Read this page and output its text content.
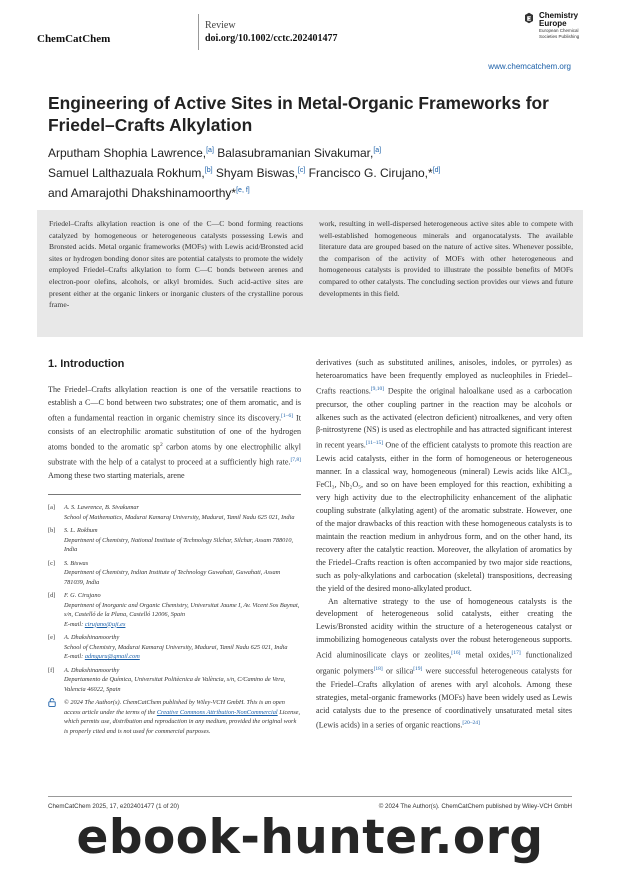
ChemCatChem
Review
doi.org/10.1002/cctc.202401477
Chemistry
Europe
European Chemical
Societies Publishing
www.chemcatchem.org
Engineering of Active Sites in Metal-Organic Frameworks for Friedel–Crafts Alkylation
Arputham Shophia Lawrence,[a] Balasubramanian Sivakumar,[a]
Samuel Lalthazuala Rokhum,[b] Shyam Biswas,[c] Francisco G. Cirujano,*[d]
and Amarajothi Dhakshinamoorthy*[e, f]
Friedel–Crafts alkylation reaction is one of the C—C bond forming reactions catalyzed by homogeneous or heterogeneous catalysts possessing Lewis and Bronsted acids. Metal organic frameworks (MOFs) with Lewis acid/Bronsted acid sites or hydrogen bonding donor sites are potential catalysts to promote the widely employed Friedel–Crafts alkylation to form C—C bonds between arenes and electron-poor olefins, alcohols, or alkyl bromides. Such acid-active sites are present either at the organic linkers or inorganic clusters of the crystalline porous frame-
work, resulting in well-dispersed heterogeneous active sites able to compete with well-established homogeneous minerals and organocatalysts. The available literature data are grouped based on the nature of active sites. Whenever possible, the comparison of the activity of MOFs with other heterogeneous and homogeneous catalysts is provided to illustrate the possible benefits of MOFs compared to other catalysts. The concluding section provides our views and future developments in this field.
1. Introduction

The Friedel–Crafts alkylation reaction is one of the versatile reactions to establish a C—C bond between two substrates; one of them aromatic, and is often a fundamental reaction in organic chemistry since its discovery.[1–6] It consists of an electrophilic aromatic substitution of one of the hydrogen atoms bonded to the aromatic $sp^2$ carbon atoms by one electrophilic alkyl substrate with the help of a catalyst to proceed at a sufficiently high rate.[7,8] Among these two starting materials, arene

derivatives (such as substituted anilines, anisoles, indoles, or pyrroles) as heteroaromatics have been frequently employed as nucleophiles in Friedel–Crafts reactions.[9,10] Despite the original haloalkane used as a carbocation precursor, the other coupling partner in the reaction may be alcohols or alkenes such as the activated (electron deficient) nitroalkenes, and very often β-nitrostyrene (NS) is used as electrophile and has attracted significant interest in recent years.[11–15] One of the efficient catalysts to promote this reaction are Lewis acid catalysts, either in the form of homogeneous or heterogeneous manner. In a classical way, homogeneous (mineral) Lewis acids like AlCl₃, FeCl₃, Nb₂O₅, and so on have been employed for this reaction, exhibiting a very high activity due to the electrophilicity enhancement of the aliphatic coupling substrate (alkylating agent) of the aromatic substrate. However, one of the major drawbacks of this reaction with these homogeneous catalysts is to maintain the reaction medium in anhydrous form, and on the other hand, its recovery after the catalytic reaction. Moreover, the alkylation of aromatics by the Friedel–Crafts reaction is often accompanied by two major side reactions, such as poly-alkylations and carbocation (skeletal) transpositions, decreasing the yield of the desired mono-alkylated product.

An alternative strategy to the use of homogeneous catalysts is the development of heterogeneous solid catalysts, either creating the Lewis/Bronsted acidity within the structure of a heterogeneous catalyst or immobilizing homogeneous catalysts over the robust heterogeneous supports. Acid aluminosilicate clays or zeolites,[16] metal oxides,[17] functionalized organic polymers[18] or silica[19] were successful heterogeneous catalysts for the Friedel–Crafts alkylation of arenes with aryl alcohols. Among these strategies, metal-organic frameworks (MOFs) have been widely used as Lewis acid catalysts due to the presence of coordinatively unsaturated metal sites (Lewis acids) in a series of organic reactions.[20–24]

[a]	A. S. Lawrence, B. Sivakumar
School of Mathematics, Madurai Kamaraj University, Madurai, Tamil Nadu 625 021, India
[b]	S. L. Rokhum
Department of Chemistry, National Institute of Technology Silchar, Silchar, Assam 788010, India
[c]	S. Biswas
Department of Chemistry, Indian Institute of Technology Guwahati, Guwahati, Assam 781039, India
[d]	F. G. Cirujano
Department of Inorganic and Organic Chemistry, Universitat Jaume I, Av. Vicent Sos Baynat, s/n, Castelló de la Plana, Castelló 12006, Spain
E-mail: cirujano@uji.es
[e]	A. Dhakshinamoorthy
School of Chemistry, Madurai Kamaraj University, Madurai, Tamil Nadu 625 021, India
E-mail: admguru@gmail.com
[f]	A. Dhakshinamoorthy
Departamento de Química, Universitat Politècnica de València, s/n, C/Camino de Vera, Valencia 46022, Spain
© 2024 The Author(s). ChemCatChem published by Wiley-VCH GmbH. This is an open access article under the terms of the Creative Commons Attribution-NonCommercial License, which permits use, distribution and reproduction in any medium, provided the original work is properly cited and is not used for commercial purposes.
ChemCatChem 2025, 17, e202401477 (1 of 20)	© 2024 The Author(s). ChemCatChem published by Wiley-VCH GmbH
ebook-hunter.org
